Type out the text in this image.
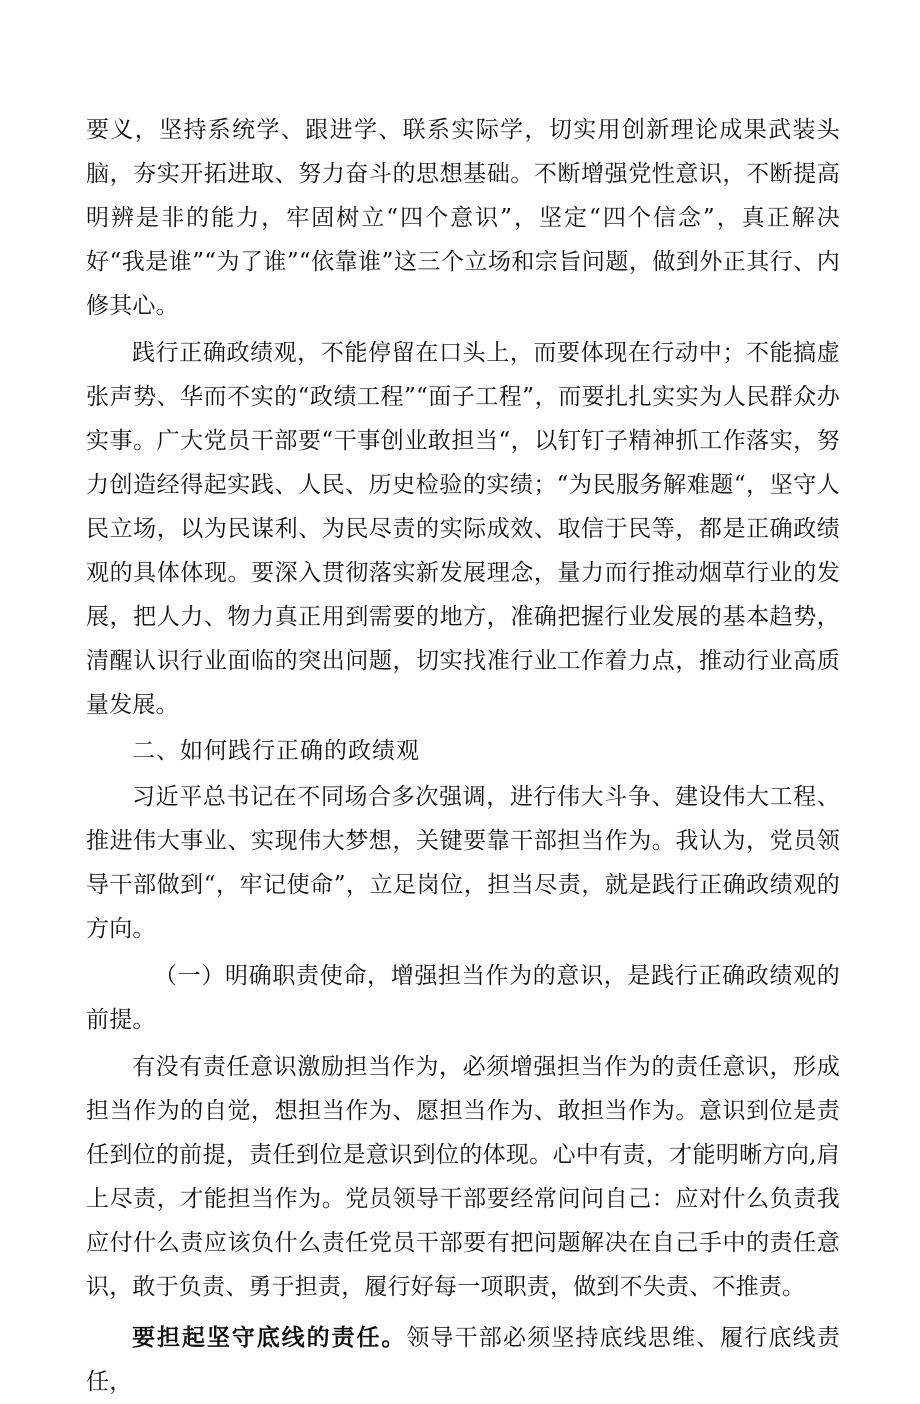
要义，坚持系统学、跟进学、联系实际学，切实用创新理论成果武装头脑，夯实开拓进取、努力奋斗的思想基础。不断增强党性意识，不断提高明辨是非的能力，牢固树立“四个意识”，坚定“四个信念”，真正解决好“我是谁”“为了谁”“依靠谁”这三个立场和宗旨问题，做到外正其行、内修其心。

践行正确政绩观，不能停留在口头上，而要体现在行动中；不能搞虚张声势、华而不实的“政绩工程”“面子工程”，而要扎扎实实为人民群众办实事。广大党员干部要“干事创业敢担当“，以钉钉子精神抓工作落实，努力创造经得起实践、人民、历史检验的实绩；“为民服务解难题“，坚守人民立场，以为民谋利、为民尽责的实际成效、取信于民等，都是正确政绩观的具体体现。要深入贯彻落实新发展理念，量力而行推动烟草行业的发展，把人力、物力真正用到需要的地方，准确把握行业发展的基本趋势，清醒认识行业面临的突出问题，切实找准行业工作着力点，推动行业高质量发展。

二、如何践行正确的政绩观

习近平总书记在不同场合多次强调，进行伟大斗争、建设伟大工程、推进伟大事业、实现伟大梦想，关键要靠干部担当作为。我认为，党员领导干部做到“，牢记使命”，立足岗位，担当尽责，就是践行正确政绩观的方向。

（一）明确职责使命，增强担当作为的意识，是践行正确政绩观的前提。

有没有责任意识激励担当作为，必须增强担当作为的责任意识，形成担当作为的自觉，想担当作为、愿担当作为、敢担当作为。意识到位是责任到位的前提，责任到位是意识到位的体现。心中有责，才能明晰方向,肩上尽责，才能担当作为。党员领导干部要经常问问自己：应对什么负责我应付什么责应该负什么责任党员干部要有把问题解决在自己手中的责任意识，敢于负责、勇于担责，履行好每一项职责，做到不失责、不推责。

要担起坚守底线的责任。领导干部必须坚持底线思维、履行底线责任，
